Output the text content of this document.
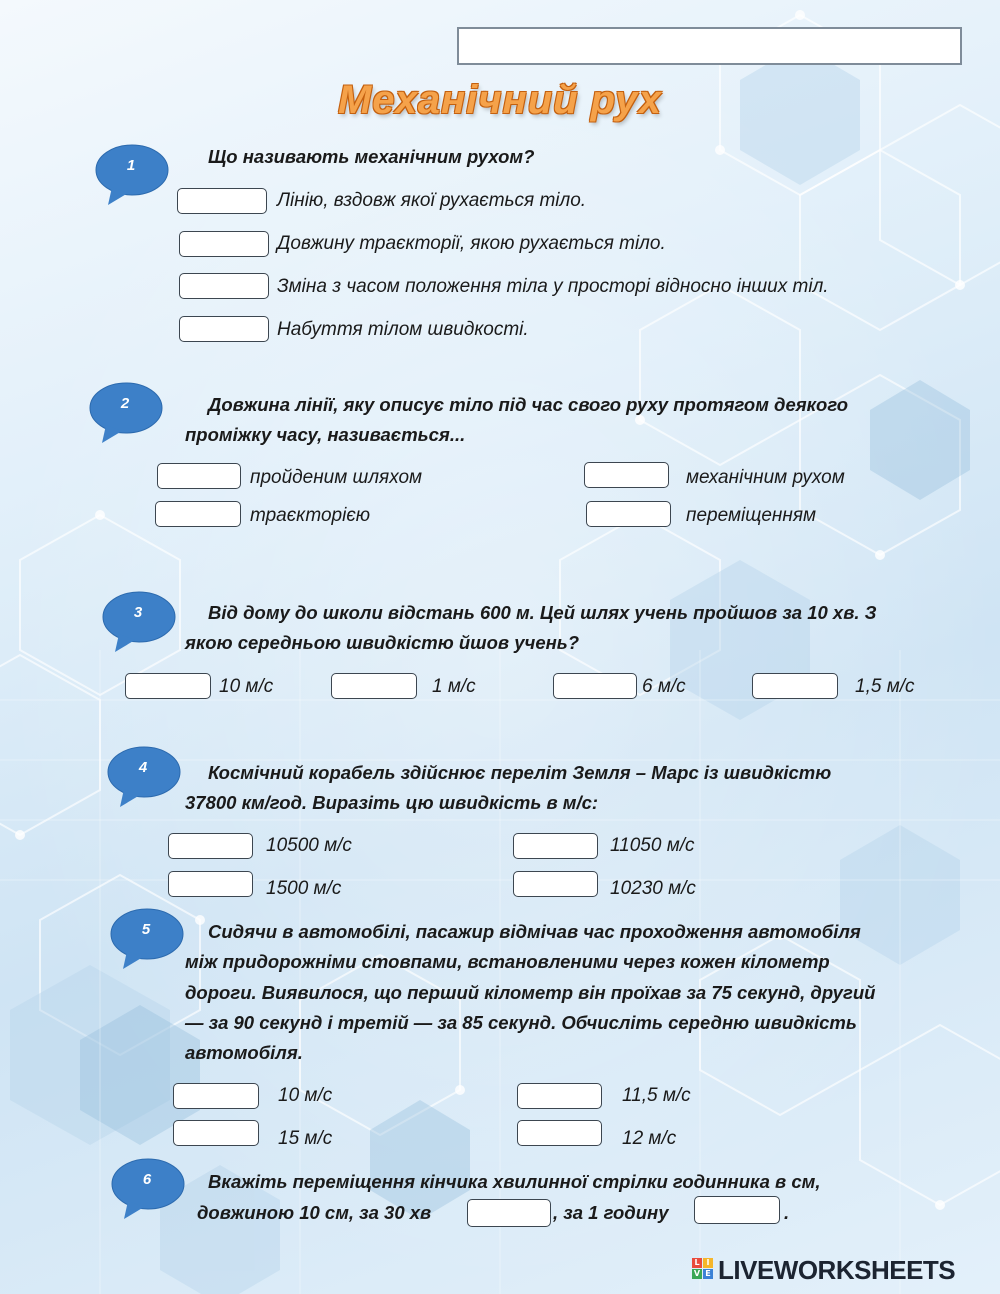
Механічний рух
1	Що називають механічним рухом?
Лінію, вздовж якої рухається тіло.
Довжину траєкторії, якою рухається тіло.
Зміна з часом положення тіла у просторі відносно інших тіл.
Набуття тілом швидкості.
2	Довжина лінії, яку описує тіло під час свого руху протягом деякого
проміжку часу, називається...
пройденим шляхом	механічним рухом
траєкторією	переміщенням
3	Від дому до школи відстань 600 м. Цей шлях учень пройшов за 10 хв. З
якою середньою швидкістю йшов учень?
10 м/с	1 м/с	6 м/с	1,5 м/с
4	Космічний корабель здійснює переліт Земля – Марс із швидкістю
37800 км/год. Виразіть цю швидкість в м/с:
10500 м/с	11050 м/с
1500 м/с	10230 м/с
5	Сидячи в автомобілі, пасажир відмічав час проходження автомобіля
між придорожніми стовпами, встановленими через кожен кілометр
дороги. Виявилося, що перший кілометр він проїхав за 75 секунд, другий
— за 90 секунд і третій — за 85 секунд. Обчисліть середню швидкість
автомобіля.
10 м/с	11,5 м/с
15 м/с	12 м/с
6	Вкажіть переміщення кінчика хвилинної стрілки годинника в см,
довжиною 10 см, за 30 хв	, за 1 годину	.
L I
V E LIVEWORKSHEETS
